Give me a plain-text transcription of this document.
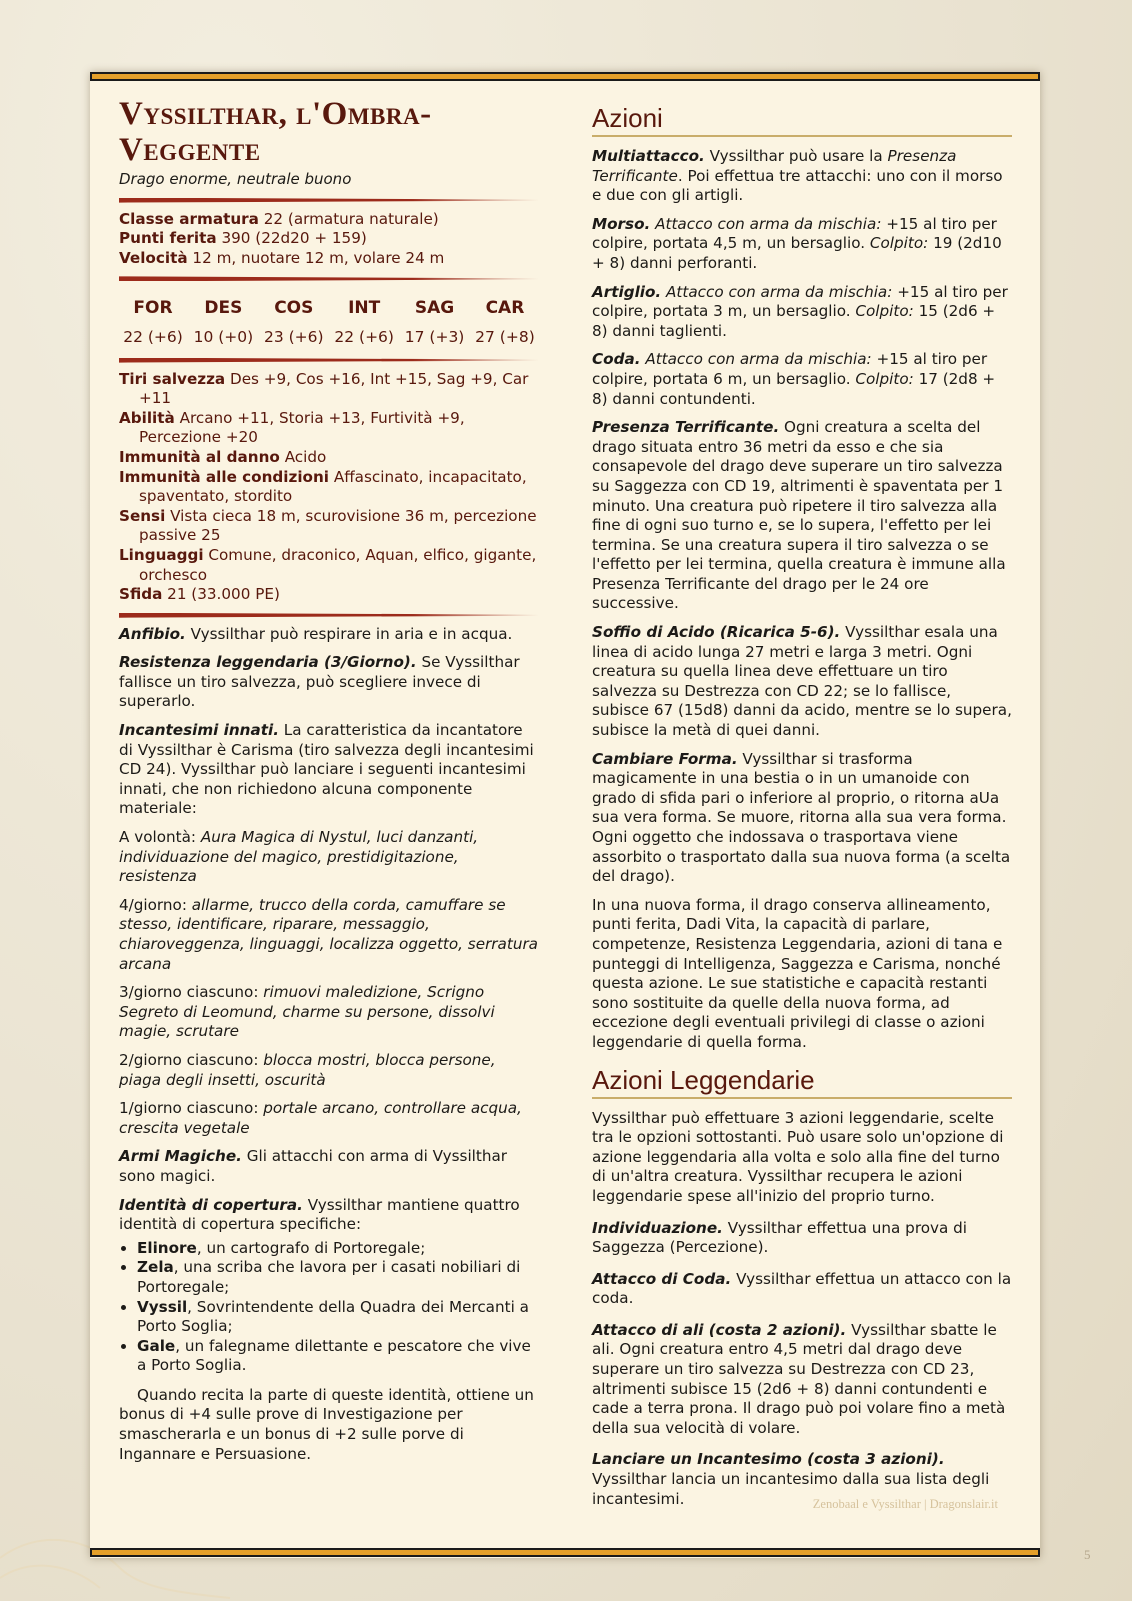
Vyssilthar, l'Ombra-Veggente
Drago enorme, neutrale buono

Classe armatura 22 (armatura naturale)

Punti ferita 390 (22d20 + 159)

Velocità 12 m, nuotare 12 m, volare 24 m

FOR
22 (+6)
DES
10 (+0)
COS
23 (+6)
INT
22 (+6)
SAG
17 (+3)
CAR
27 (+8)

Tiri salvezza Des +9, Cos +16, Int +15, Sag +9, Car +11

Abilità Arcano +11, Storia +13, Furtività +9, Percezione +20

Immunità al danno Acido

Immunità alle condizioni Affascinato, incapacitato, spaventato, stordito

Sensi Vista cieca 18 m, scurovisione 36 m, percezione passive 25

Linguaggi Comune, draconico, Aquan, elfico, gigante, orchesco

Sfida 21 (33.000 PE)

Anfibio. Vyssilthar può respirare in aria e in acqua.

Resistenza leggendaria (3/Giorno). Se Vyssilthar fallisce un tiro salvezza, può scegliere invece di superarlo.

Incantesimi innati. La caratteristica da incantatore di Vyssilthar è Carisma (tiro salvezza degli incantesimi CD 24). Vyssilthar può lanciare i seguenti incantesimi innati, che non richiedono alcuna componente materiale:

A volontà: Aura Magica di Nystul, luci danzanti, individuazione del magico, prestidigitazione, resistenza

4/giorno: allarme, trucco della corda, camuffare se stesso, identificare, riparare, messaggio, chiaroveggenza, linguaggi, localizza oggetto, serratura arcana

3/giorno ciascuno: rimuovi maledizione, Scrigno Segreto di Leomund, charme su persone, dissolvi magie, scrutare

2/giorno ciascuno: blocca mostri, blocca persone, piaga degli insetti, oscurità

1/giorno ciascuno: portale arcano, controllare acqua, crescita vegetale

Armi Magiche. Gli attacchi con arma di Vyssilthar sono magici.

Identità di copertura. Vyssilthar mantiene quattro identità di copertura specifiche:

• Elinore, un cartografo di Portoregale;
• Zela, una scriba che lavora per i casati nobiliari di Portoregale;
• Vyssil, Sovrintendente della Quadra dei Mercanti a Porto Soglia;
• Gale, un falegname dilettante e pescatore che vive a Porto Soglia.

Quando recita la parte di queste identità, ottiene un bonus di +4 sulle prove di Investigazione per smascherarla e un bonus di +2 sulle porve di Ingannare e Persuasione.

Azioni

Multiattacco. Vyssilthar può usare la Presenza Terrificante. Poi effettua tre attacchi: uno con il morso e due con gli artigli.

Morso. Attacco con arma da mischia: +15 al tiro per colpire, portata 4,5 m, un bersaglio. Colpito: 19 (2d10 + 8) danni perforanti.

Artiglio. Attacco con arma da mischia: +15 al tiro per colpire, portata 3 m, un bersaglio. Colpito: 15 (2d6 + 8) danni taglienti.

Coda. Attacco con arma da mischia: +15 al tiro per colpire, portata 6 m, un bersaglio. Colpito: 17 (2d8 + 8) danni contundenti.

Presenza Terrificante. Ogni creatura a scelta del drago situata entro 36 metri da esso e che sia consapevole del drago deve superare un tiro salvezza su Saggezza con CD 19, altrimenti è spaventata per 1 minuto. Una creatura può ripetere il tiro salvezza alla fine di ogni suo turno e, se lo supera, l'effetto per lei termina. Se una creatura supera il tiro salvezza o se l'effetto per lei termina, quella creatura è immune alla Presenza Terrificante del drago per le 24 ore successive.

Soffio di Acido (Ricarica 5-6). Vyssilthar esala una linea di acido lunga 27 metri e larga 3 metri. Ogni creatura su quella linea deve effettuare un tiro salvezza su Destrezza con CD 22; se lo fallisce, subisce 67 (15d8) danni da acido, mentre se lo supera, subisce la metà di quei danni.

Cambiare Forma. Vyssilthar si trasforma magicamente in una bestia o in un umanoide con grado di sfida pari o inferiore al proprio, o ritorna aUa sua vera forma. Se muore, ritorna alla sua vera forma. Ogni oggetto che indossava o trasportava viene assorbito o trasportato dalla sua nuova forma (a scelta del drago).

In una nuova forma, il drago conserva allineamento, punti ferita, Dadi Vita, la capacità di parlare, competenze, Resistenza Leggendaria, azioni di tana e punteggi di Intelligenza, Saggezza e Carisma, nonché questa azione. Le sue statistiche e capacità restanti sono sostituite da quelle della nuova forma, ad eccezione degli eventuali privilegi di classe o azioni leggendarie di quella forma.

Azioni Leggendarie

Vyssilthar può effettuare 3 azioni leggendarie, scelte tra le opzioni sottostanti. Può usare solo un'opzione di azione leggendaria alla volta e solo alla fine del turno di un'altra creatura. Vyssilthar recupera le azioni leggendarie spese all'inizio del proprio turno.

Individuazione. Vyssilthar effettua una prova di Saggezza (Percezione).

Attacco di Coda. Vyssilthar effettua un attacco con la coda.

Attacco di ali (costa 2 azioni). Vyssilthar sbatte le ali. Ogni creatura entro 4,5 metri dal drago deve superare un tiro salvezza su Destrezza con CD 23, altrimenti subisce 15 (2d6 + 8) danni contundenti e cade a terra prona. Il drago può poi volare fino a metà della sua velocità di volare.

Lanciare un Incantesimo (costa 3 azioni). Vyssilthar lancia un incantesimo dalla sua lista degli incantesimi.	Zenobaal e Vyssilthar | Dragonslair.it
5
